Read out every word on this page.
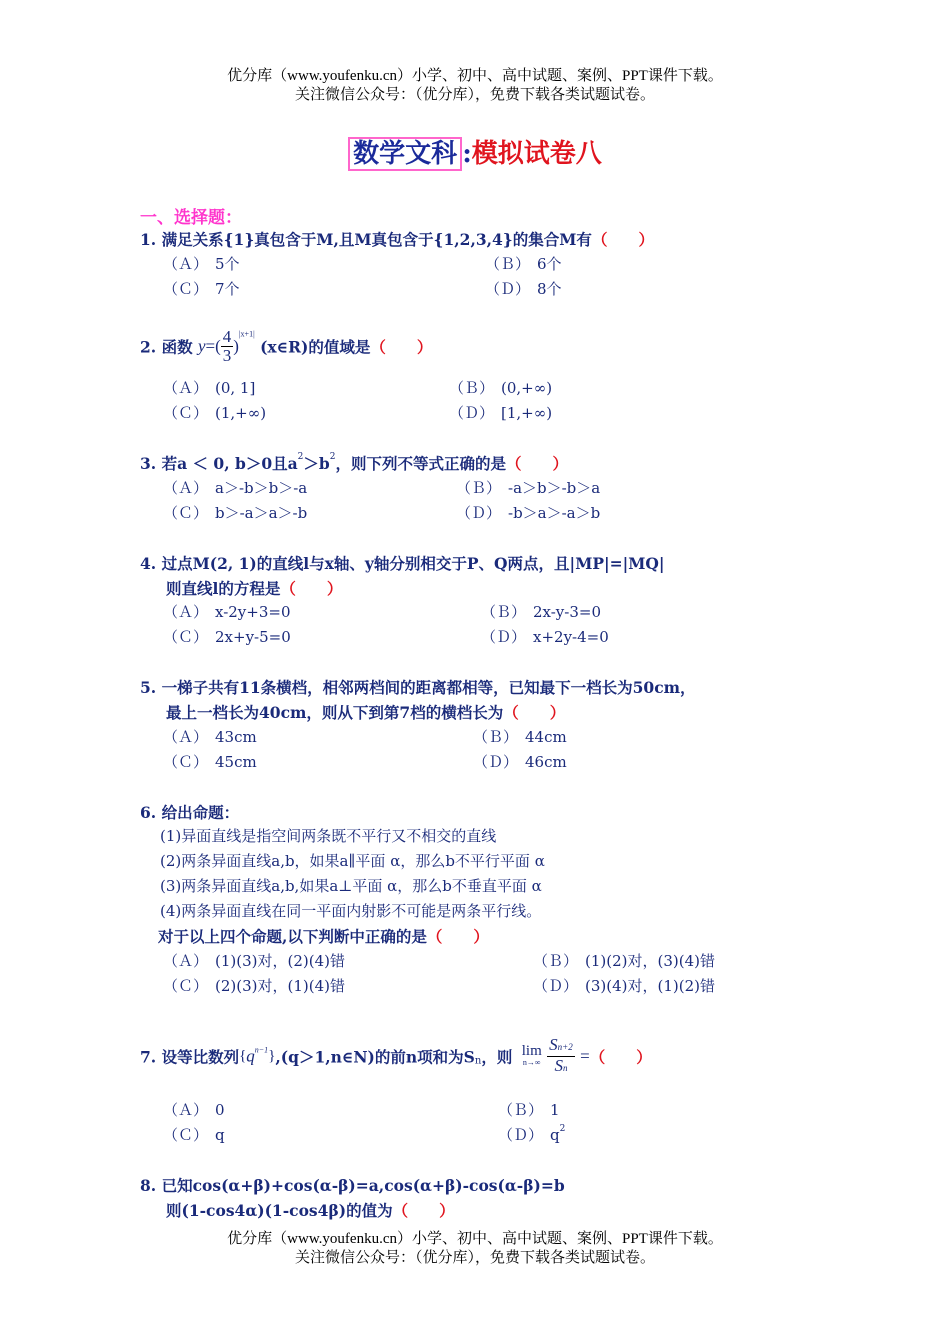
优分库（www.youfenku.cn）小学、初中、高中试题、案例、PPT课件下载。
关注微信公众号：（优分库），免费下载各类试题试卷。
数学文科 :模拟试卷八
一、选择题：
1. 满足关系{1}真包含于M,且M真包含于{1,2,3,4}的集合M有（　　）
（Ａ） 5个	（Ｂ） 6个
（Ｃ） 7个	（Ｄ） 8个
2. 函数 $y=( \frac{4}{3} )^{|x+1|}$ (x∈R)的值域是（　　）
（Ａ） (0, 1]	（Ｂ） (0,+∞)
（Ｃ） (1,+∞)	（Ｄ） [1,+∞)
3. 若a ＜ 0, b＞0且$a^2>b^2$，则下列不等式正确的是（　　）
（Ａ） a＞-b＞b＞-a	（Ｂ） -a＞b＞-b＞a
（Ｃ） b＞-a＞a＞-b	（Ｄ） -b＞a＞-a＞b
4. 过点M(2, 1)的直线l与x轴、y轴分别相交于P、Q两点，且|MP|=|MQ|
则直线l的方程是（　　）
（Ａ） x-2y+3=0	（Ｂ） 2x-y-3=0
（Ｃ） 2x+y-5=0	（Ｄ） x+2y-4=0
5. 一梯子共有11条横档，相邻两档间的距离都相等，已知最下一档长为50cm，
最上一档长为40cm，则从下到第7档的横档长为（　　）
（Ａ） 43cm	（Ｂ） 44cm
（Ｃ） 45cm	（Ｄ） 46cm
6. 给出命题：
(1)异面直线是指空间两条既不平行又不相交的直线
(2)两条异面直线a,b，如果a∥平面 α，那么b不平行平面 α
(3)两条异面直线a,b,如果a⊥平面 α，那么b不垂直平面 α
(4)两条异面直线在同一平面内射影不可能是两条平行线。
对于以上四个命题,以下判断中正确的是（　　）
（Ａ） (1)(3)对，(2)(4)错	（Ｂ） (1)(2)对，(3)(4)错
（Ｃ） (2)(3)对，(1)(4)错	（Ｄ） (3)(4)对，(1)(2)错
7. 设等比数列$\{q^{n-1}\},(q>1,n\in N)$的前n项和为$S_n$，则 lim
n→∞
$\frac{Sn+2}{Sn}$ =（　　）
（Ａ） 0	（Ｂ） 1
（Ｃ） q	（Ｄ） $q^2$
8. 已知cos(α+β)+cos(α-β)=a,cos(α+β)-cos(α-β)=b
则(1-cos4α)(1-cos4β)的值为（　　）
优分库（www.youfenku.cn）小学、初中、高中试题、案例、PPT课件下载。
关注微信公众号：（优分库），免费下载各类试题试卷。
